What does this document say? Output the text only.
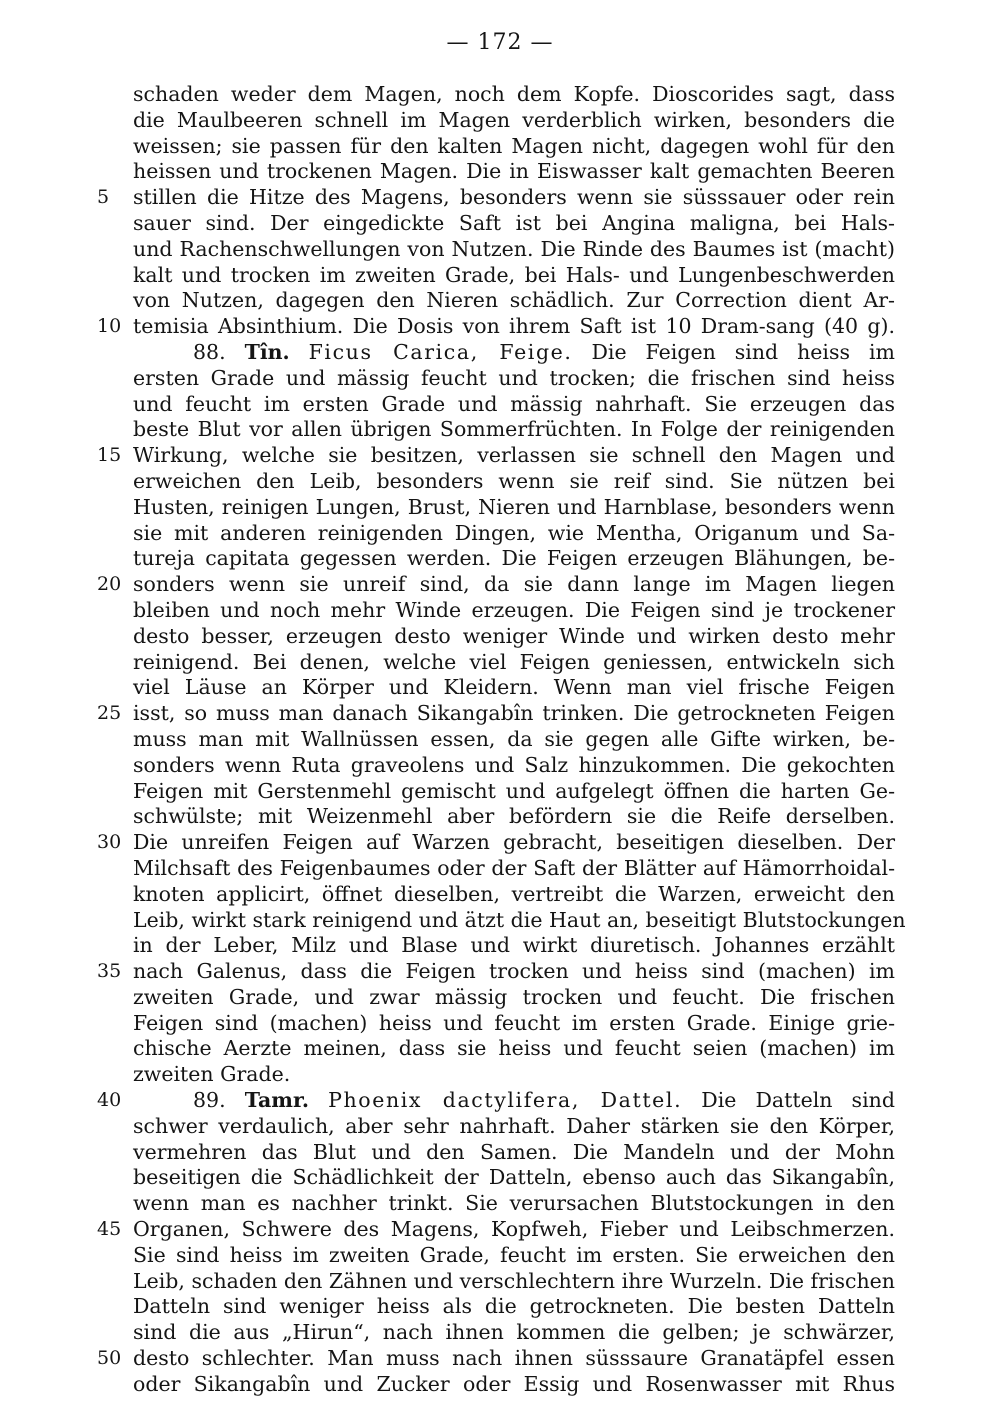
— 172 —
schaden weder dem Magen, noch dem Kopfe. Dioscorides sagt, dass
die Maulbeeren schnell im Magen verderblich wirken, besonders die
weissen; sie passen für den kalten Magen nicht, dagegen wohl für den
heissen und trockenen Magen. Die in Eiswasser kalt gemachten Beeren
5	stillen die Hitze des Magens, besonders wenn sie süsssauer oder rein
sauer sind. Der eingedickte Saft ist bei Angina maligna, bei Hals-
und Rachenschwellungen von Nutzen. Die Rinde des Baumes ist (macht)
kalt und trocken im zweiten Grade, bei Hals- und Lungenbeschwerden
von Nutzen, dagegen den Nieren schädlich. Zur Correction dient Ar-
10 temisia Absinthium. Die Dosis von ihrem Saft ist 10 Dram-sang (40 g).
88. Tîn. Ficus Carica, Feige. Die Feigen sind heiss im
ersten Grade und mässig feucht und trocken; die frischen sind heiss
und feucht im ersten Grade und mässig nahrhaft. Sie erzeugen das
beste Blut vor allen übrigen Sommerfrüchten. In Folge der reinigenden
15 Wirkung, welche sie besitzen, verlassen sie schnell den Magen und
erweichen den Leib, besonders wenn sie reif sind. Sie nützen bei
Husten, reinigen Lungen, Brust, Nieren und Harnblase, besonders wenn
sie mit anderen reinigenden Dingen, wie Mentha, Origanum und Sa-
tureja capitata gegessen werden. Die Feigen erzeugen Blähungen, be-
20 sonders wenn sie unreif sind, da sie dann lange im Magen liegen
bleiben und noch mehr Winde erzeugen. Die Feigen sind je trockener
desto besser, erzeugen desto weniger Winde und wirken desto mehr
reinigend. Bei denen, welche viel Feigen geniessen, entwickeln sich
viel Läuse an Körper und Kleidern. Wenn man viel frische Feigen
25 isst, so muss man danach Sikangabîn trinken. Die getrockneten Feigen
muss man mit Wallnüssen essen, da sie gegen alle Gifte wirken, be-
sonders wenn Ruta graveolens und Salz hinzukommen. Die gekochten
Feigen mit Gerstenmehl gemischt und aufgelegt öffnen die harten Ge-
schwülste; mit Weizenmehl aber befördern sie die Reife derselben.
30 Die unreifen Feigen auf Warzen gebracht, beseitigen dieselben. Der
Milchsaft des Feigenbaumes oder der Saft der Blätter auf Hämorrhoidal-
knoten applicirt, öffnet dieselben, vertreibt die Warzen, erweicht den
Leib, wirkt stark reinigend und ätzt die Haut an, beseitigt Blutstockungen
in der Leber, Milz und Blase und wirkt diuretisch. Johannes erzählt
35 nach Galenus, dass die Feigen trocken und heiss sind (machen) im
zweiten Grade, und zwar mässig trocken und feucht. Die frischen
Feigen sind (machen) heiss und feucht im ersten Grade. Einige grie-
chische Aerzte meinen, dass sie heiss und feucht seien (machen) im
zweiten Grade.
40	89. Tamr. Phoenix dactylifera, Dattel. Die Datteln sind
schwer verdaulich, aber sehr nahrhaft. Daher stärken sie den Körper,
vermehren das Blut und den Samen. Die Mandeln und der Mohn
beseitigen die Schädlichkeit der Datteln, ebenso auch das Sikangabîn,
wenn man es nachher trinkt. Sie verursachen Blutstockungen in den
45 Organen, Schwere des Magens, Kopfweh, Fieber und Leibschmerzen.
Sie sind heiss im zweiten Grade, feucht im ersten. Sie erweichen den
Leib, schaden den Zähnen und verschlechtern ihre Wurzeln. Die frischen
Datteln sind weniger heiss als die getrockneten. Die besten Datteln
sind die aus „Hirun“, nach ihnen kommen die gelben; je schwärzer,
50 desto schlechter. Man muss nach ihnen süsssaure Granatäpfel essen
oder Sikangabîn und Zucker oder Essig und Rosenwasser mit Rhus
